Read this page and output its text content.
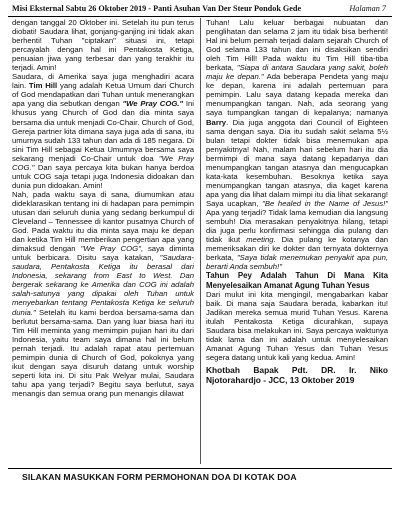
Misi Eksternal Sabtu 26 Oktober 2019 - Panti Asuhan Van Der Steur Pondok Gede	Halaman 7

dengan tanggal 20 Oktober ini. Setelah itu pun terus diobati! Saudara lihat, gonjang-ganjing ini tidak akan berhenti! Tuhan "ciptakan" situasi ini, tetapi percayalah dengan hal ini Pentakosta Ketiga, penuaian jiwa yang terbesar dan yang terakhir itu terjadi. Amin!

Saudara, di Amerika saya juga menghadiri acara lain. Tim Hill yang adalah Ketua Umum dari Church of God mendapatkan dari Tuhan untuk menerangkan apa yang dia sebutkan dengan "We Pray COG." Ini khusus yang Church of God dan dia minta saya bersama dia untuk menjadi Co-Chair. Church of God, Gereja partner kita dimana saya juga ada di sana, itu umurnya sudah 133 tahun dan ada di 185 negara. Di sini Tim Hill sebagai Ketua Umumnya bersama saya sekarang menjadi Co-Chair untuk doa "We Pray COG." Dan saya percaya kita bukan hanya berdoa untuk COG saja tetapi juga Indonesia didoakan dan dunia pun didoakan. Amin!

Nah, pada waktu saya di sana, diumumkan atau dideklarasikan tentang ini di hadapan para pemimpin utusan dari seluruh dunia yang sedang berkumpul di Cleveland – Tennessee di kantor pusatnya Church of God. Pada waktu itu dia minta saya maju ke depan dan ketika Tim Hill memberikan pengertian apa yang dimaksud dengan "We Pray COG", saya diminta untuk berbicara. Disitu saya katakan, "Saudara-saudara, Pentakosta Ketiga itu berasal dari Indonesia, sekarang from East to West. Dan bergerak sekarang ke Amerika dan COG ini adalah salah-satunya yang dipakai oleh Tuhan untuk menyebarkan tentang Pentakosta Ketiga ke seluruh dunia." Setelah itu kami berdoa bersama-sama dan berlutut bersama-sama. Dan yang luar biasa hari itu Tim Hill meminta yang memimpin pujian hari itu dari Indonesia, yaitu team saya dimana hal ini belum pernah terjadi. Itu adalah rapat atau pertemuan pemimpin dunia di Church of God, pokoknya yang ikut dengan saya disuruh datang untuk worship seperti kita ini. Di situ Pak Welyar mulai, Saudara tahu apa yang terjadi? Begitu saya berlutut, saya menangis dan semua orang pun menangis dilawat

Tuhan! Lalu keluar berbagai nubuatan dan penglihatan dan selama 2 jam itu tidak bisa berhenti! Hal ini belum pernah terjadi dalam sejarah Church of God selama 133 tahun dan ini disaksikan sendiri oleh Tim Hill! Pada waktu itu Tim Hill tiba-tiba berkata, "Siapa di antara Saudara yang sakit, boleh maju ke depan." Ada beberapa Pendeta yang maju ke depan, karena ini adalah pertemuan para pemimpin. Lalu saya datang kepada mereka dan menumpangkan tangan. Nah, ada seorang yang saya tumpangkan tangan di kepalanya; namanya Barry. Dia juga anggota dari Council of Eighteen sama dengan saya. Dia itu sudah sakit selama 5½ bulan tetapi dokter tidak bisa menemukan apa penyakitnya! Nah, malam hari sebelum hari itu dia bermimpi di mana saya datang kepadanya dan menumpangkan tangan atasnya dan mengucapkan kata-kata kesembuhan. Besoknya ketika saya menumpangkan tangan atasnya, dia kaget karena apa yang dia lihat dalam mimpi itu dia lihat sekarang! Saya ucapkan, "Be healed in the Name of Jesus!" Apa yang terjadi? Tidak lama kemudian dia langsung sembuh! Dia merasakan penyakitnya hilang, tetapi dia juga perlu konfirmasi sehingga dia pulang dan tidak ikut meeting. Dia pulang ke kotanya dan memeriksakan diri ke dokter dan ternyata dokternya berkata, "Saya tidak menemukan penyakit apa pun, berarti Anda sembuh!"

Tahun Pey Adalah Tahun Di Mana Kita Menyelesaikan Amanat Agung Tuhan Yesus

Dari mulut ini kita mengingil, mengabarkan kabar baik. Di mana saja Saudara berada, kabarkan itu! Jadikan mereka semua murid Tuhan Yesus. Karena itulah Pentakosta Ketiga dicurahkan, supaya Saudara bisa melakukan ini. Saya percaya waktunya tidak lama dan ini adalah untuk menyelesaikan Amanat Agung Tuhan Yesus dan Tuhan Yesus segera datang untuk kali yang kedua. Amin!

Khotbah Bapak Pdt. DR. Ir. Niko Njotorahardjo - JCC, 13 Oktober 2019

SILAKAN MASUKKAN FORM PERMOHONAN DOA DI KOTAK DOA
